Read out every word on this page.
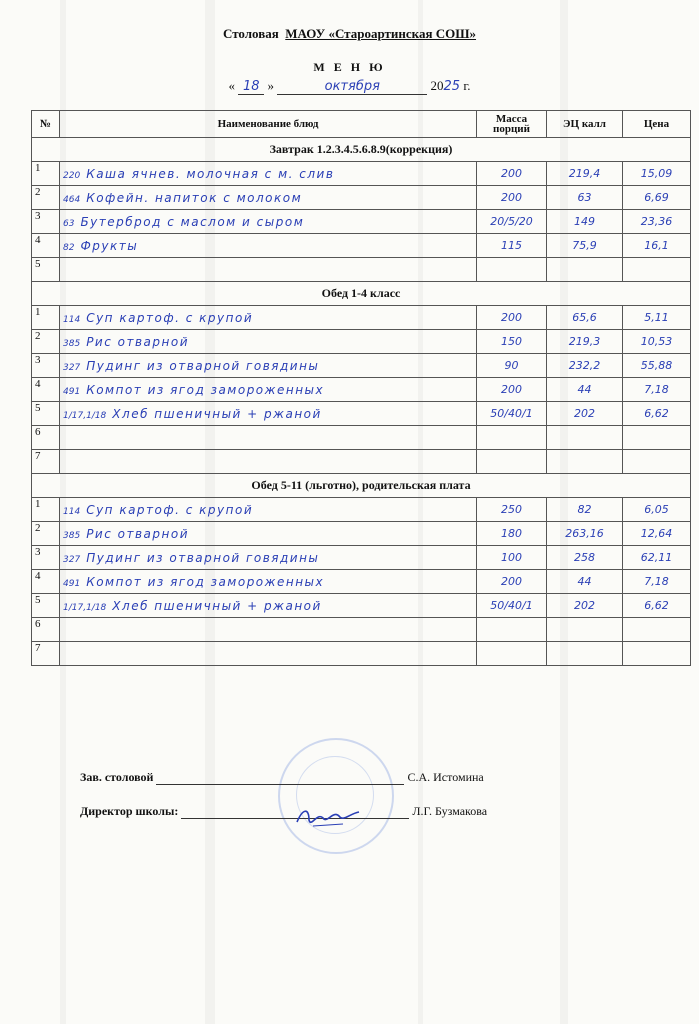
Столовая МАОУ «Староартинская СОШ»
М Е Н Ю
« 18 »	октября	2025 г.
№	Наименование блюд	Масса порций	ЭЦ калл	Цена
Завтрак 1.2.3.4.5.6.8.9(коррекция)				
1	220 Каша ячнев. молочная с м. слив	200	219,4	15,09
2	464 Кофейн. напиток с молоком	200	63	6,69
3	63 Бутерброд с маслом и сыром	20/5/20	149	23,36
4	82 Фрукты	115	75,9	16,1
5				
Обед 1-4 класс				
1	114 Суп картоф. с крупой	200	65,6	5,11
2	385 Рис отварной	150	219,3	10,53
3	327 Пудинг из отварной говядины	90	232,2	55,88
4	491 Компот из ягод замороженных	200	44	7,18
5	1/17,1/18 Хлеб пшеничный + ржаной	50/40/1	202	6,62
6				
7				
Обед 5-11 (льготно), родительская плата				
1	114 Суп картоф. с крупой	250	82	6,05
2	385 Рис отварной	180	263,16	12,64
3	327 Пудинг из отварной говядины	100	258	62,11
4	491 Компот из ягод замороженных	200	44	7,18
5	1/17,1/18 Хлеб пшеничный + ржаной	50/40/1	202	6,62
6				
7				
Зав. столовой	С.А. Истомина
Директор школы:	Л.Г. Бузмакова
